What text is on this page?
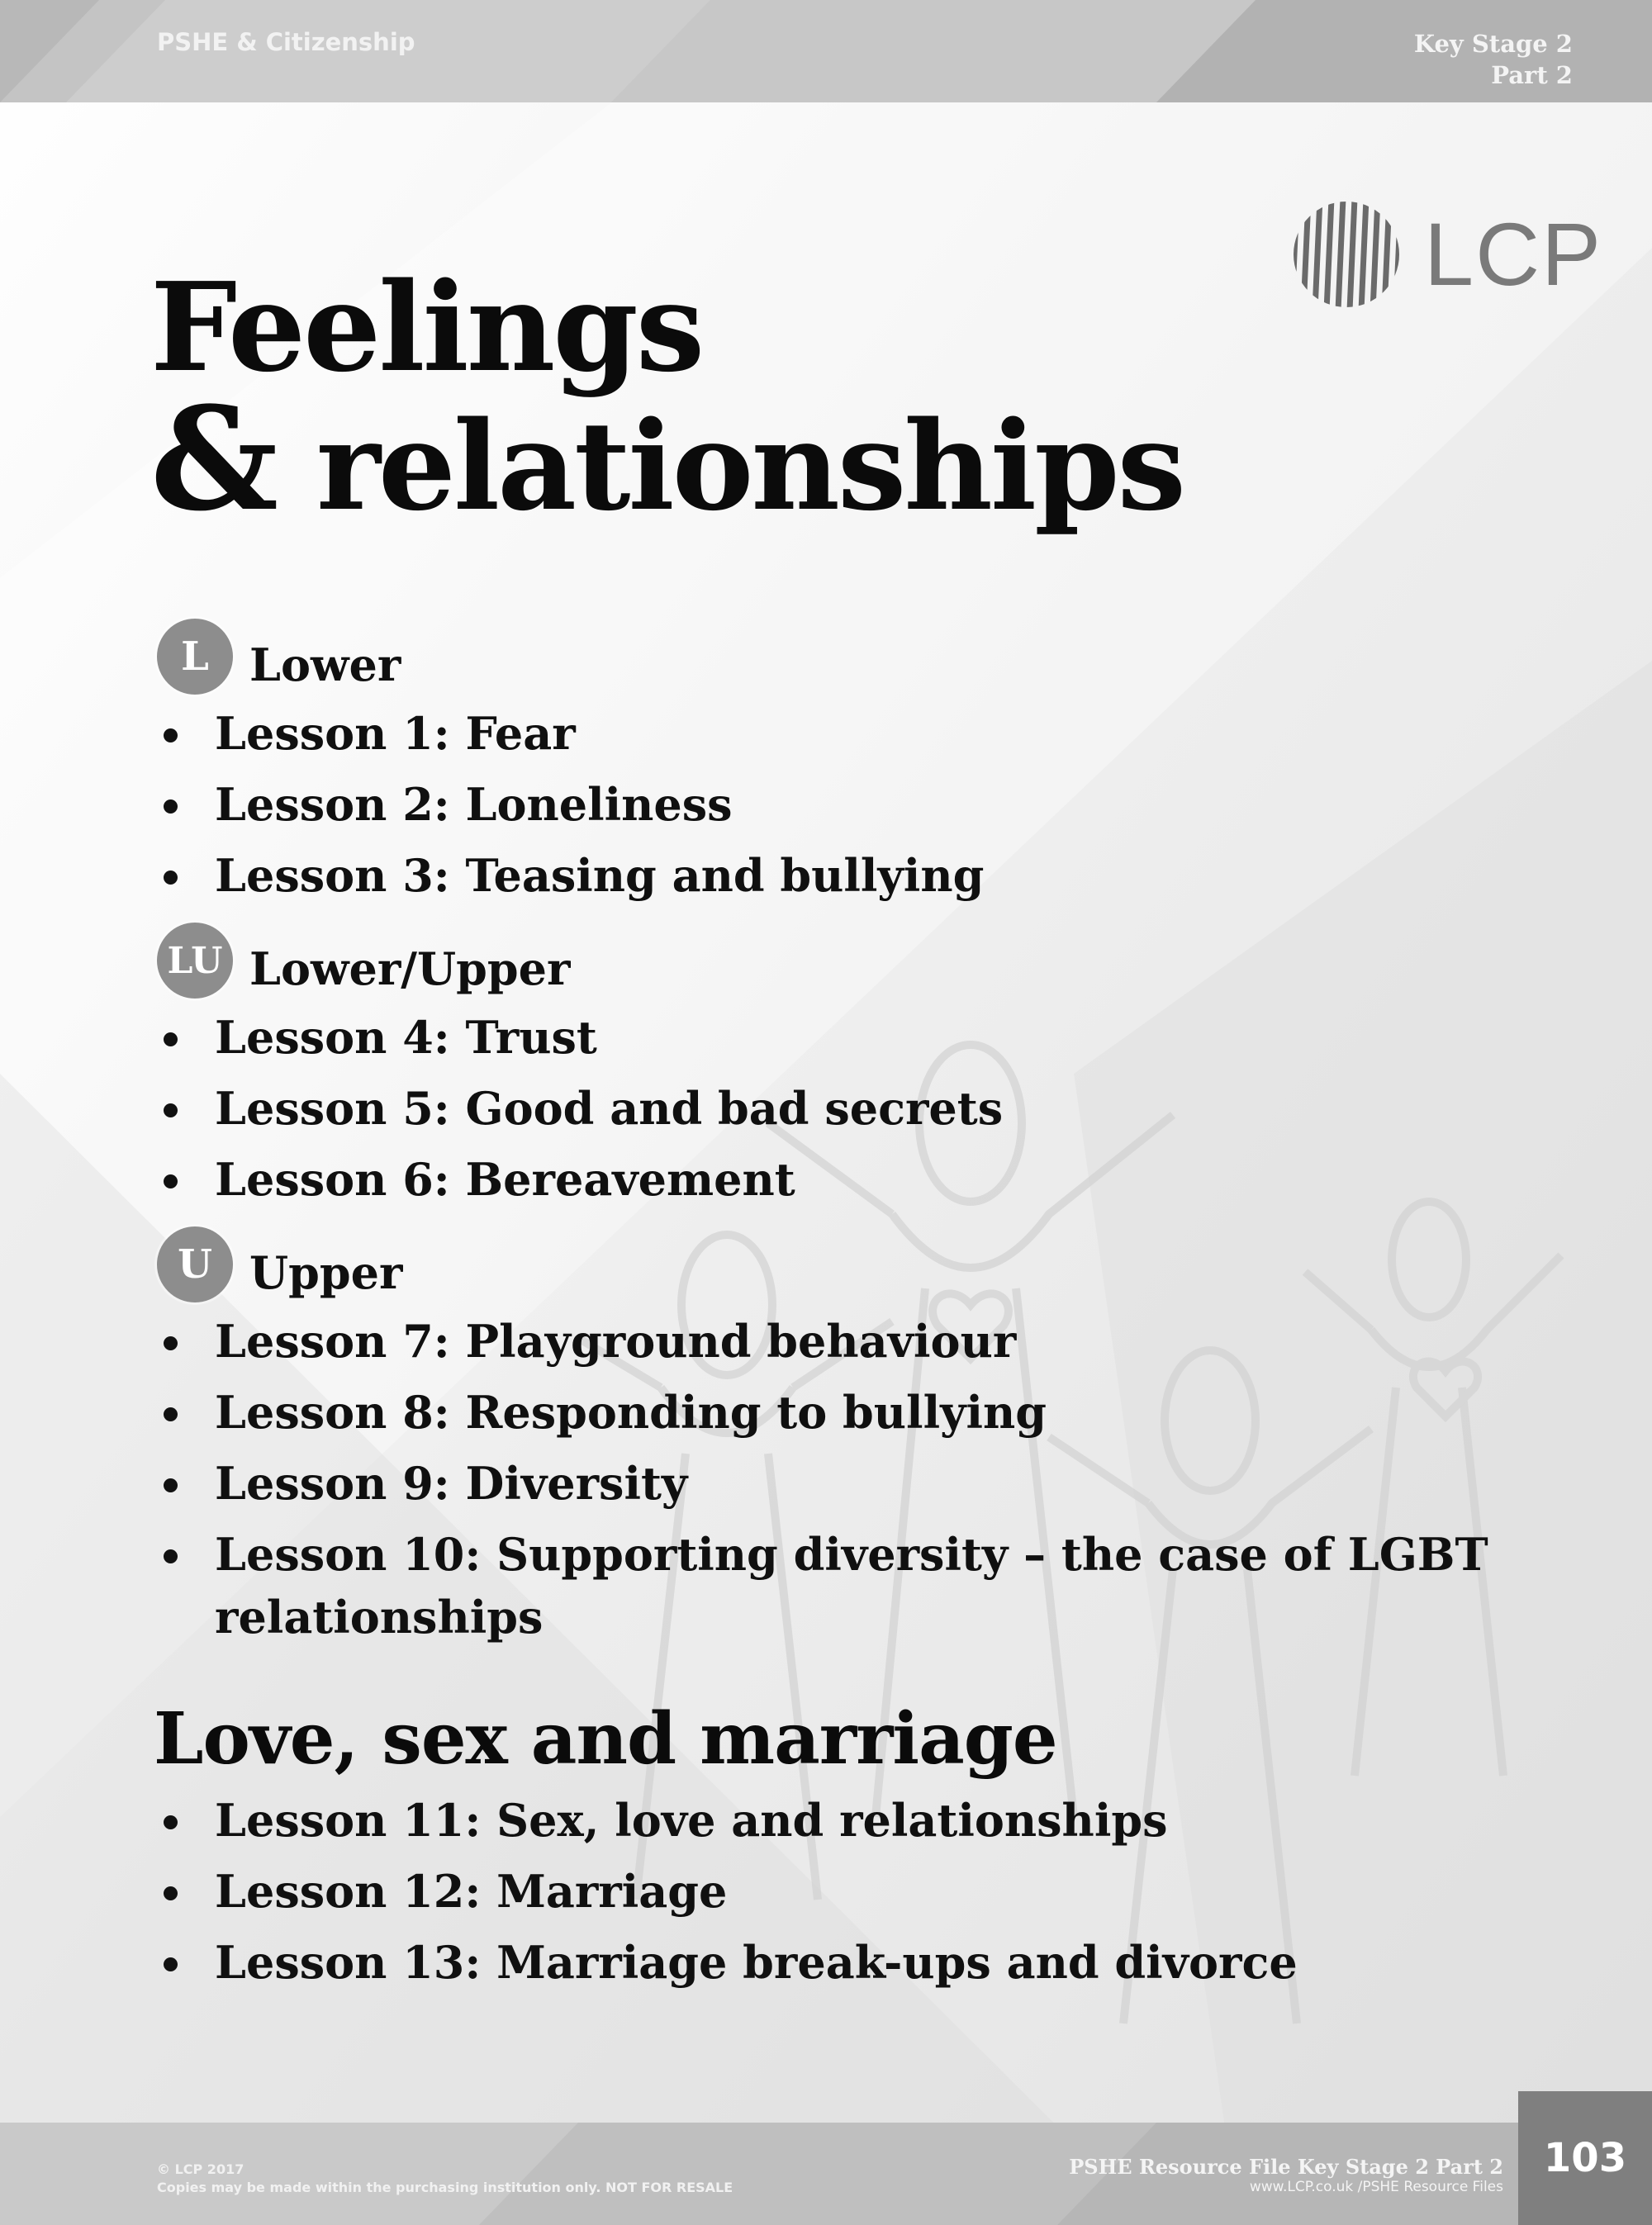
PSHE & Citizenship	Key Stage 2
Part 2
LCP
Feelings
& relationships
L Lower
Lesson 1: Fear
Lesson 2: Loneliness
Lesson 3: Teasing and bullying
LU Lower/Upper
Lesson 4: Trust
Lesson 5: Good and bad secrets
Lesson 6: Bereavement
U Upper
Lesson 7: Playground behaviour
Lesson 8: Responding to bullying
Lesson 9: Diversity
Lesson 10: Supporting diversity – the case of LGBT relationships
Love, sex and marriage
Lesson 11: Sex, love and relationships
Lesson 12: Marriage
Lesson 13: Marriage break-ups and divorce
© LCP 2017
Copies may be made within the purchasing institution only. NOT FOR RESALE
PSHE Resource File Key Stage 2 Part 2
www.LCP.co.uk /PSHE Resource Files
103
